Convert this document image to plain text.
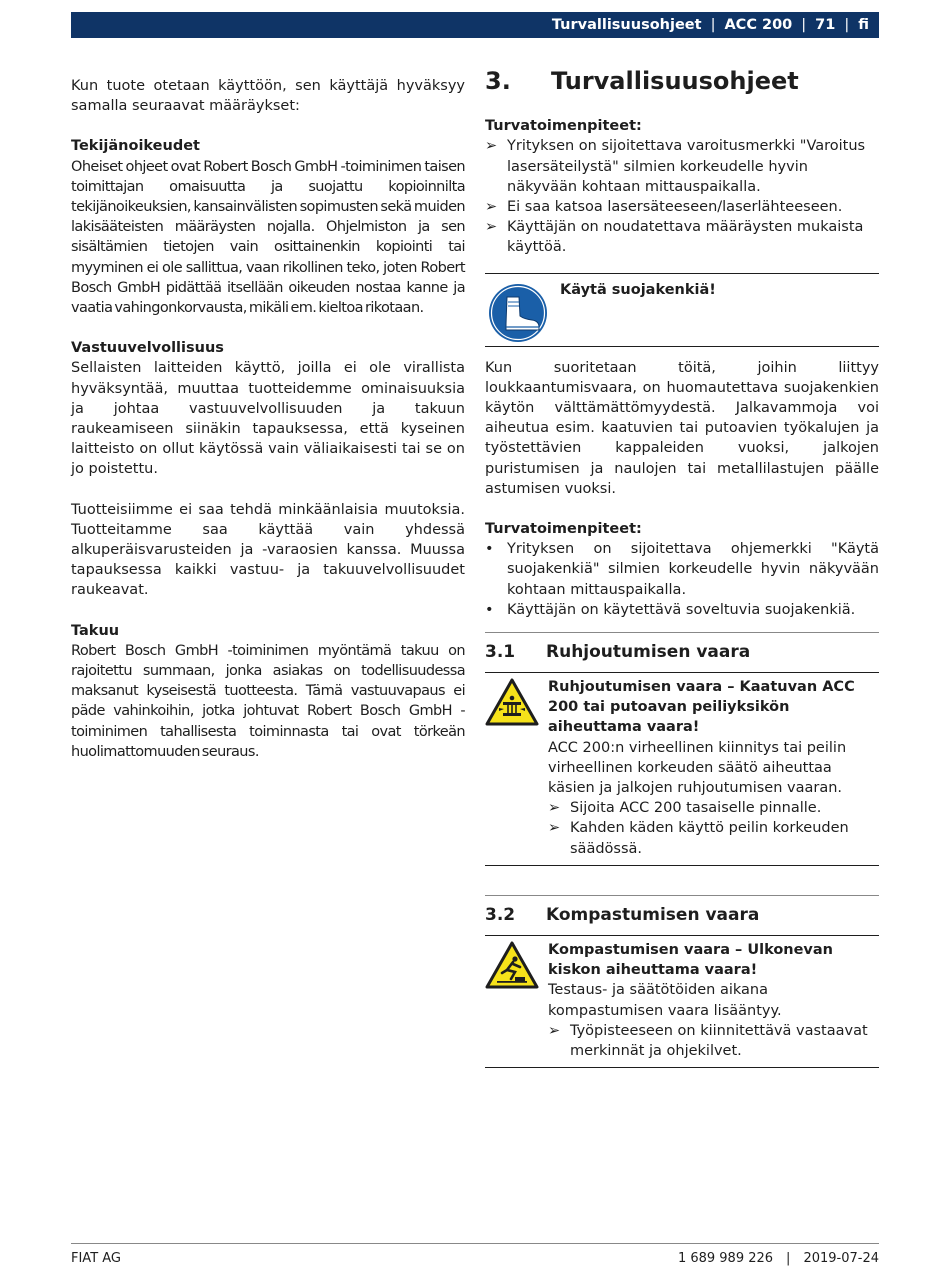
Turvallisuusohjeet | ACC 200 | 71 | fi

Kun tuote otetaan käyttöön, sen käyttäjä hyväksyy samalla seuraavat määräykset:

Tekijänoikeudet

Oheiset ohjeet ovat Robert Bosch GmbH -toiminimen taisen toimittajan omaisuutta ja suojattu kopioinnilta tekijänoikeuksien, kansainvälisten sopimusten sekä muiden lakisääteisten määräysten nojalla. Ohjelmiston ja sen sisältämien tietojen vain osittainenkin kopiointi tai myyminen ei ole sallittua, vaan rikollinen teko, joten Robert Bosch GmbH pidättää itsellään oikeuden nostaa kanne ja vaatia vahingonkorvausta, mikäli em. kieltoa rikotaan.

Vastuuvelvollisuus

Sellaisten laitteiden käyttö, joilla ei ole virallista hyväksyntää, muuttaa tuotteidemme ominaisuuksia ja johtaa vastuuvelvollisuuden ja takuun raukeamiseen siinäkin tapauksessa, että kyseinen laitteisto on ollut käytössä vain väliaikaisesti tai se on jo poistettu.

Tuotteisiimme ei saa tehdä minkäänlaisia muutoksia. Tuotteitamme saa käyttää vain yhdessä alkuperäisvarusteiden ja -varaosien kanssa. Muussa tapauksessa kaikki vastuu- ja takuuvelvollisuudet raukeavat.

Takuu

Robert Bosch GmbH -toiminimen myöntämä takuu on rajoitettu summaan, jonka asiakas on todellisuudessa maksanut kyseisestä tuotteesta. Tämä vastuuvapaus ei päde vahinkoihin, jotka johtuvat Robert Bosch GmbH -toiminimen tahallisesta toiminnasta tai ovat törkeän huolimattomuuden seuraus.

3.	Turvallisuusohjeet

Turvatoimenpiteet:

➢ Yrityksen on sijoitettava varoitusmerkki "Varoitus lasersäteilystä" silmien korkeudelle hyvin näkyvään kohtaan mittauspaikalla.
➢ Ei saa katsoa lasersäteeseen/laserlähteeseen.
➢ Käyttäjän on noudatettava määräysten mukaista käyttöä.

Käytä suojakenkiä!

Kun suoritetaan töitä, joihin liittyy loukkaantumisvaara, on huomautettava suojakenkien käytön välttämättömyydestä. Jalkavammoja voi aiheutua esim. kaatuvien tai putoavien työkalujen ja työstettävien kappaleiden vuoksi, jalkojen puristumisen ja naulojen tai metallilastujen päälle astumisen vuoksi.

Turvatoimenpiteet:

• Yrityksen on sijoitettava ohjemerkki "Käytä suojakenkiä" silmien korkeudelle hyvin näkyvään kohtaan mittauspaikalla.
• Käyttäjän on käytettävä soveltuvia suojakenkiä.
3.1	Ruhjoutumisen vaara

Ruhjoutumisen vaara – Kaatuvan ACC 200 tai putoavan peiliyksikön aiheuttama vaara!

ACC 200:n virheellinen kiinnitys tai peilin virheellinen korkeuden säätö aiheuttaa käsien ja jalkojen ruhjoutumisen vaaran.

➢ Sijoita ACC 200 tasaiselle pinnalle.
➢ Kahden käden käyttö peilin korkeuden säädössä.
3.2	Kompastumisen vaara

Kompastumisen vaara – Ulkonevan kiskon aiheuttama vaara!

Testaus- ja säätötöiden aikana kompastumisen vaara lisääntyy.

➢ Työpisteeseen on kiinnitettävä vastaavat merkinnät ja ohjekilvet.
FIAT AG	1 689 989 226 | 2019-07-24
